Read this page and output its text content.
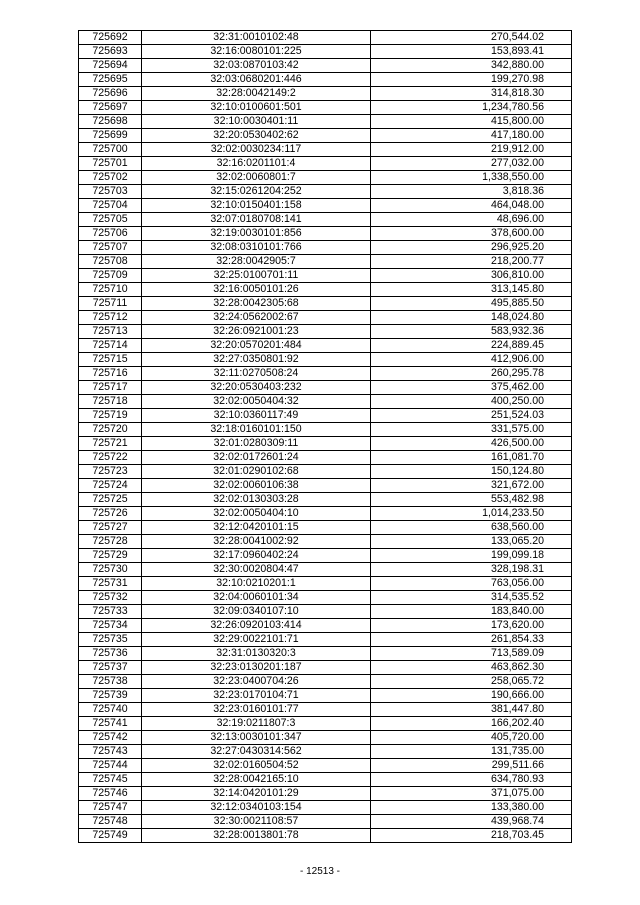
725692	32:31:0010102:48	270,544.02
725693	32:16:0080101:225	153,893.41
725694	32:03:0870103:42	342,880.00
725695	32:03:0680201:446	199,270.98
725696	32:28:0042149:2	314,818.30
725697	32:10:0100601:501	1,234,780.56
725698	32:10:0030401:11	415,800.00
725699	32:20:0530402:62	417,180.00
725700	32:02:0030234:117	219,912.00
725701	32:16:0201101:4	277,032.00
725702	32:02:0060801:7	1,338,550.00
725703	32:15:0261204:252	3,818.36
725704	32:10:0150401:158	464,048.00
725705	32:07:0180708:141	48,696.00
725706	32:19:0030101:856	378,600.00
725707	32:08:0310101:766	296,925.20
725708	32:28:0042905:7	218,200.77
725709	32:25:0100701:11	306,810.00
725710	32:16:0050101:26	313,145.80
725711	32:28:0042305:68	495,885.50
725712	32:24:0562002:67	148,024.80
725713	32:26:0921001:23	583,932.36
725714	32:20:0570201:484	224,889.45
725715	32:27:0350801:92	412,906.00
725716	32:11:0270508:24	260,295.78
725717	32:20:0530403:232	375,462.00
725718	32:02:0050404:32	400,250.00
725719	32:10:0360117:49	251,524.03
725720	32:18:0160101:150	331,575.00
725721	32:01:0280309:11	426,500.00
725722	32:02:0172601:24	161,081.70
725723	32:01:0290102:68	150,124.80
725724	32:02:0060106:38	321,672.00
725725	32:02:0130303:28	553,482.98
725726	32:02:0050404:10	1,014,233.50
725727	32:12:0420101:15	638,560.00
725728	32:28:0041002:92	133,065.20
725729	32:17:0960402:24	199,099.18
725730	32:30:0020804:47	328,198.31
725731	32:10:0210201:1	763,056.00
725732	32:04:0060101:34	314,535.52
725733	32:09:0340107:10	183,840.00
725734	32:26:0920103:414	173,620.00
725735	32:29:0022101:71	261,854.33
725736	32:31:0130320:3	713,589.09
725737	32:23:0130201:187	463,862.30
725738	32:23:0400704:26	258,065.72
725739	32:23:0170104:71	190,666.00
725740	32:23:0160101:77	381,447.80
725741	32:19:0211807:3	166,202.40
725742	32:13:0030101:347	405,720.00
725743	32:27:0430314:562	131,735.00
725744	32:02:0160504:52	299,511.66
725745	32:28:0042165:10	634,780.93
725746	32:14:0420101:29	371,075.00
725747	32:12:0340103:154	133,380.00
725748	32:30:0021108:57	439,968.74
725749	32:28:0013801:78	218,703.45
- 12513 -
